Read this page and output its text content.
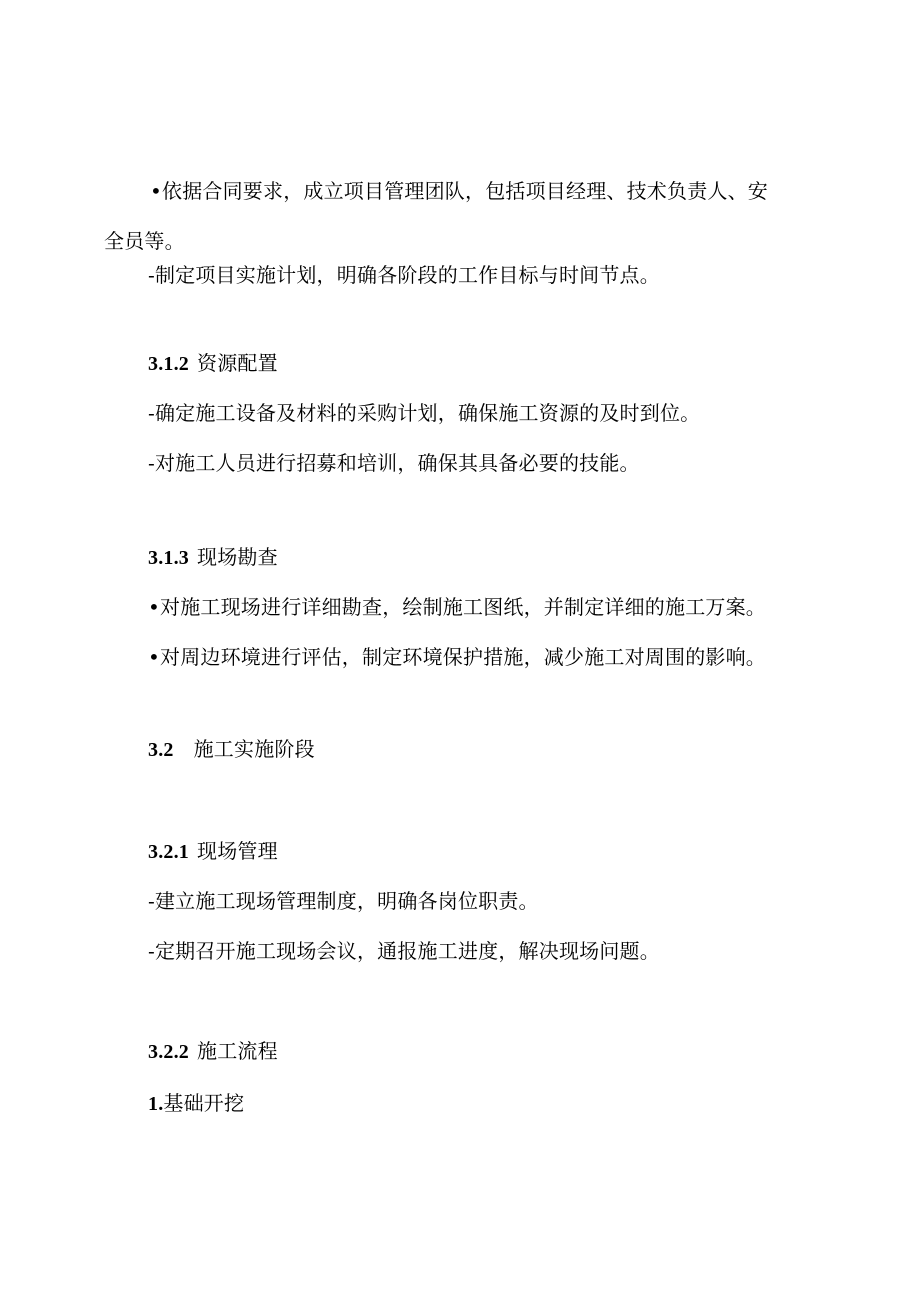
•依据合同要求，成立项目管理团队，包括项目经理、技术负责人、安
全员等。
-制定项目实施计划，明确各阶段的工作目标与时间节点。
3.1.2 资源配置
-确定施工设备及材料的采购计划，确保施工资源的及时到位。
-对施工人员进行招募和培训，确保其具备必要的技能。
3.1.3 现场勘查
•对施工现场进行详细勘查，绘制施工图纸，并制定详细的施工万案。
•对周边环境进行评估，制定环境保护措施，减少施工对周围的影响。
3.2 施工实施阶段
3.2.1 现场管理
-建立施工现场管理制度，明确各岗位职责。
-定期召开施工现场会议，通报施工进度，解决现场问题。
3.2.2 施工流程
1.基础开挖
